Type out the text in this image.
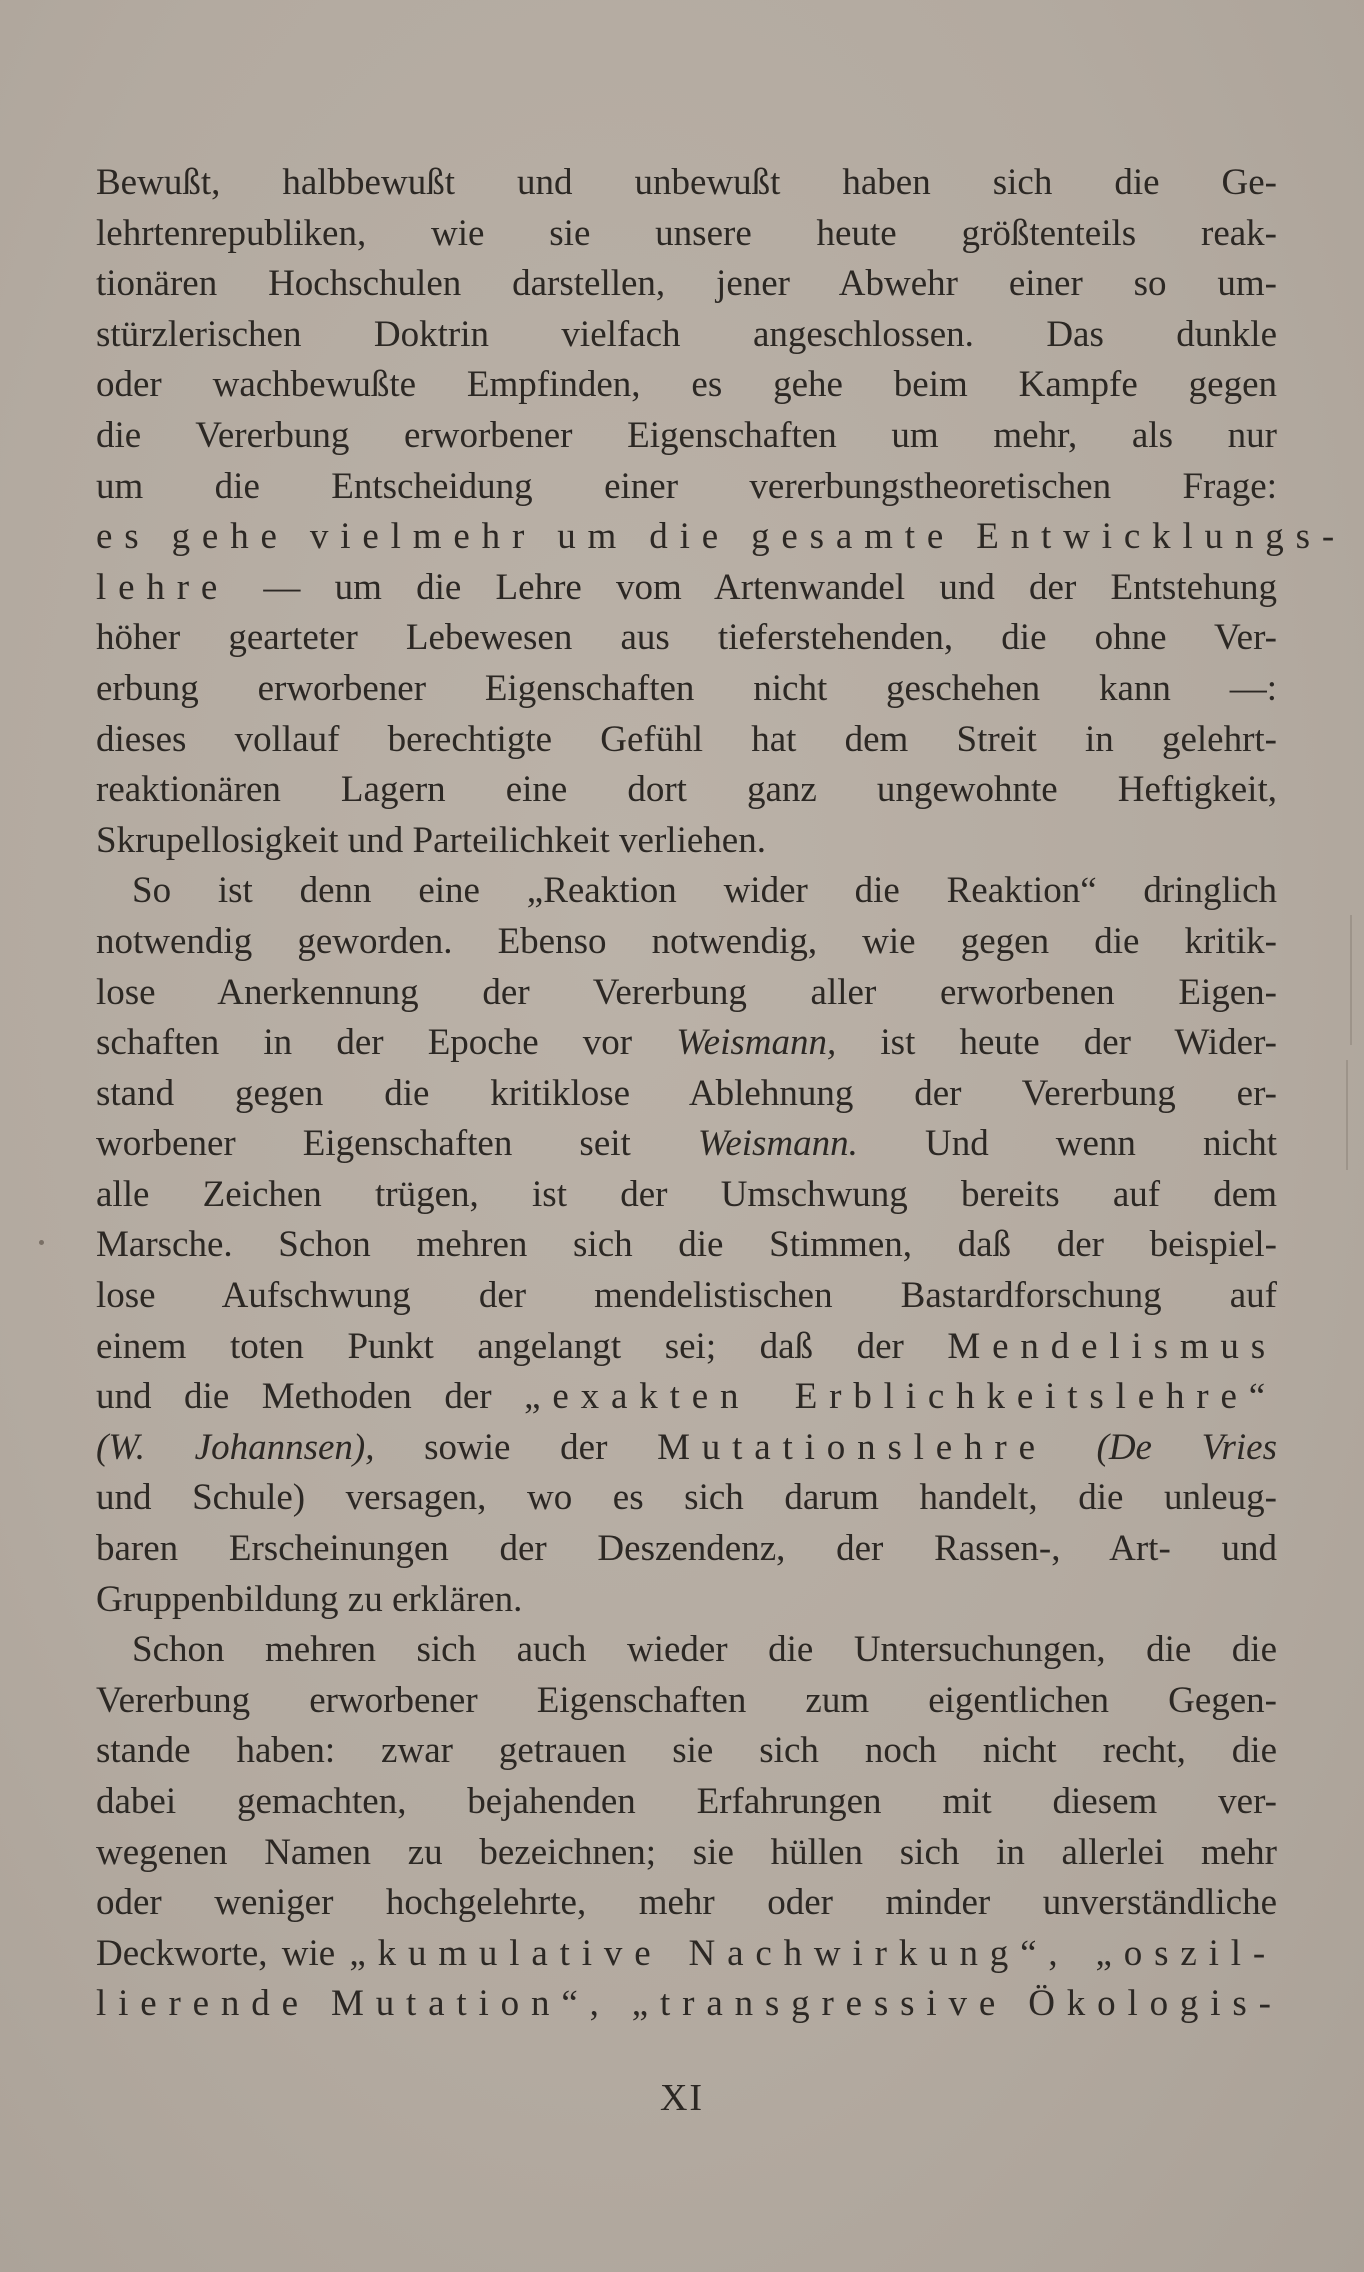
Bewußt, halbbewußt und unbewußt haben sich die Ge-
lehrtenrepubliken, wie sie unsere heute größtenteils reak-
tionären Hochschulen darstellen, jener Abwehr einer so um-
stürzlerischen Doktrin vielfach angeschlossen. Das dunkle
oder wachbewußte Empfinden, es gehe beim Kampfe gegen
die Vererbung erworbener Eigenschaften um mehr, als nur
um die Entscheidung einer vererbungstheoretischen Frage:
es gehe vielmehr um die gesamte Entwicklungs-
lehre — um die Lehre vom Artenwandel und der Entstehung
höher gearteter Lebewesen aus tieferstehenden, die ohne Ver-
erbung erworbener Eigenschaften nicht geschehen kann —:
dieses vollauf berechtigte Gefühl hat dem Streit in gelehrt-
reaktionären Lagern eine dort ganz ungewohnte Heftigkeit,
Skrupellosigkeit und Parteilichkeit verliehen.
So ist denn eine „Reaktion wider die Reaktion“ dringlich
notwendig geworden. Ebenso notwendig, wie gegen die kritik-
lose Anerkennung der Vererbung aller erworbenen Eigen-
schaften in der Epoche vor Weismann, ist heute der Wider-
stand gegen die kritiklose Ablehnung der Vererbung er-
worbener Eigenschaften seit Weismann. Und wenn nicht
alle Zeichen trügen, ist der Umschwung bereits auf dem
Marsche. Schon mehren sich die Stimmen, daß der beispiel-
lose Aufschwung der mendelistischen Bastardforschung auf
einem toten Punkt angelangt sei; daß der Mendelismus
und die Methoden der „exakten Erblichkeitslehre“
(W. Johannsen), sowie der Mutationslehre (De Vries
und Schule) versagen, wo es sich darum handelt, die unleug-
baren Erscheinungen der Deszendenz, der Rassen-, Art- und
Gruppenbildung zu erklären.
Schon mehren sich auch wieder die Untersuchungen, die die
Vererbung erworbener Eigenschaften zum eigentlichen Gegen-
stande haben: zwar getrauen sie sich noch nicht recht, die
dabei gemachten, bejahenden Erfahrungen mit diesem ver-
wegenen Namen zu bezeichnen; sie hüllen sich in allerlei mehr
oder weniger hochgelehrte, mehr oder minder unverständliche
Deckworte, wie „kumulative Nachwirkung“, „oszil-
lierende Mutation“, „transgressive Ökologis-
XI
